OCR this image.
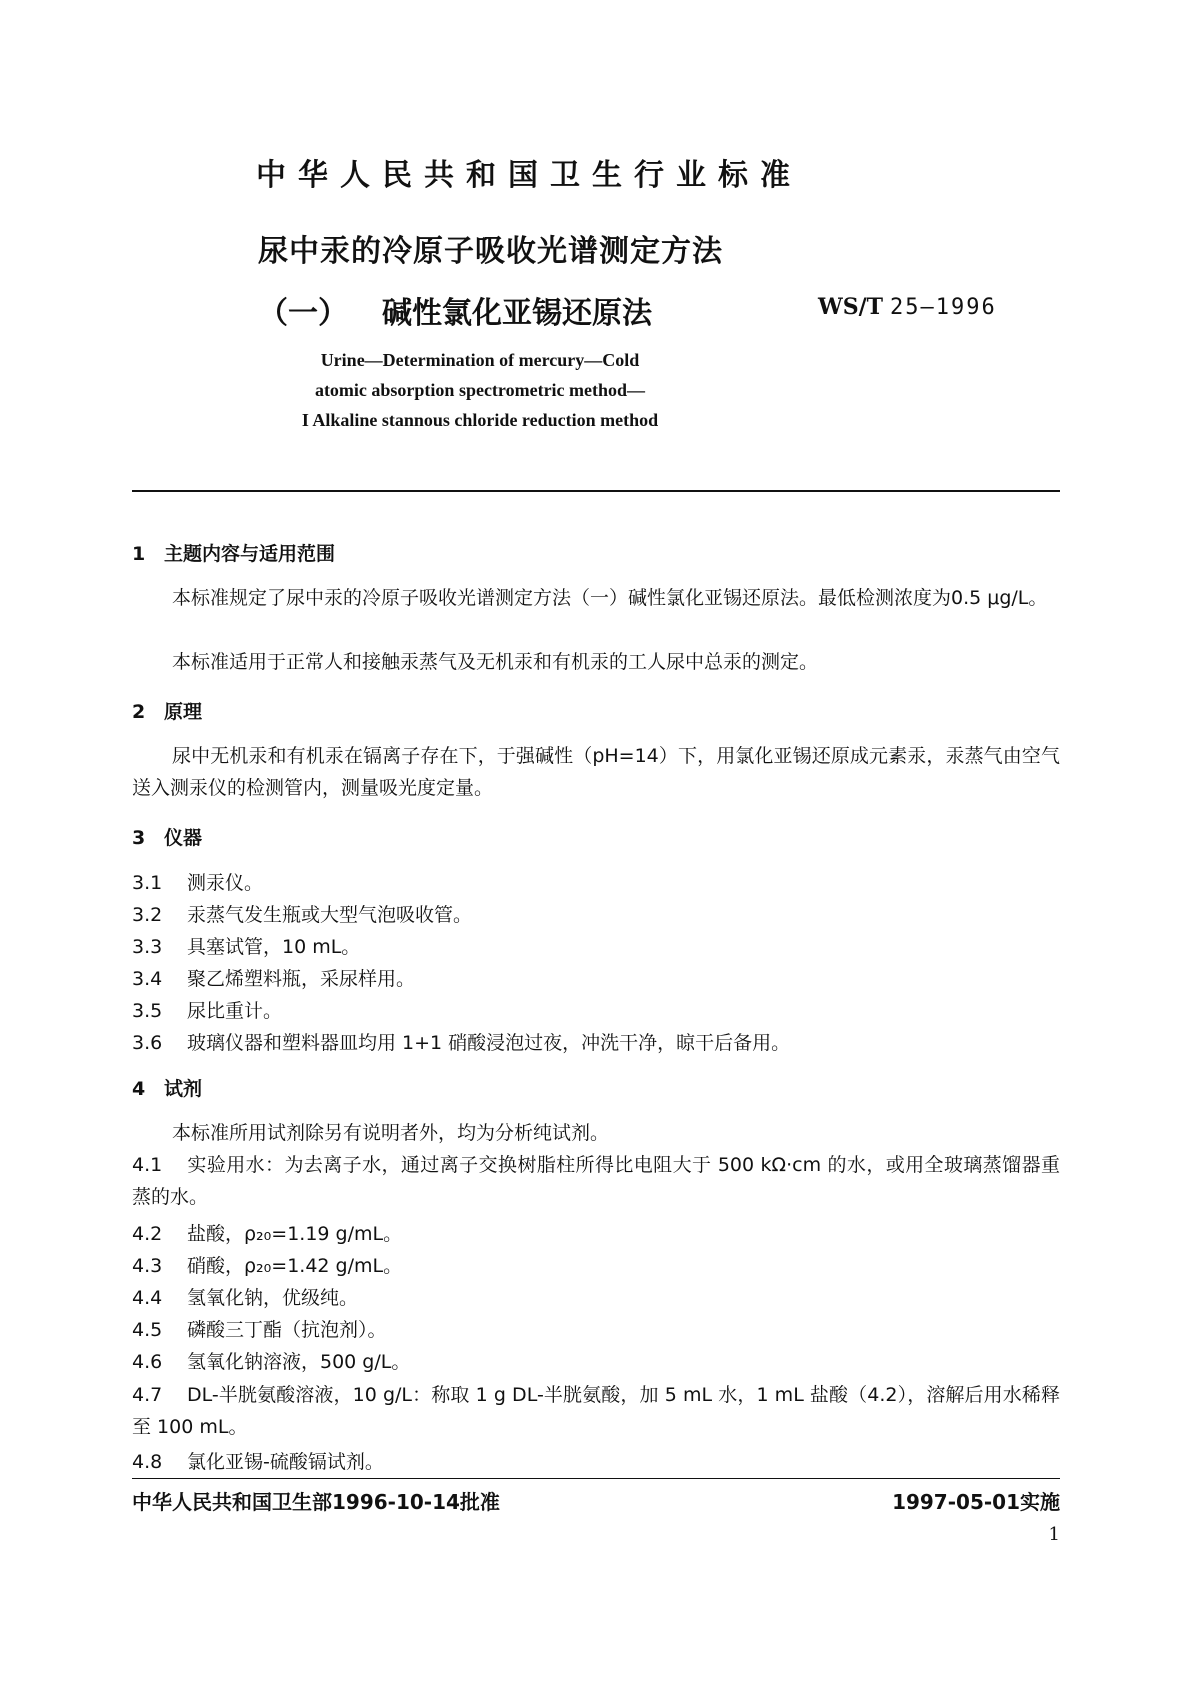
中华人民共和国卫生行业标准
尿中汞的冷原子吸收光谱测定方法
（一） 碱性氯化亚锡还原法	WS/T 25—1996
Urine—Determination of mercury—Cold
atomic absorption spectrometric method—
I Alkaline stannous chloride reduction method
1 主题内容与适用范围
本标准规定了尿中汞的冷原子吸收光谱测定方法（一）碱性氯化亚锡还原法。最低检测浓度为0.5 μg/L。
本标准适用于正常人和接触汞蒸气及无机汞和有机汞的工人尿中总汞的测定。
2 原理
尿中无机汞和有机汞在镉离子存在下，于强碱性（pH=14）下，用氯化亚锡还原成元素汞，汞蒸气由空气送入测汞仪的检测管内，测量吸光度定量。
3 仪器
3.1 测汞仪。
3.2 汞蒸气发生瓶或大型气泡吸收管。
3.3 具塞试管，10 mL。
3.4 聚乙烯塑料瓶，采尿样用。
3.5 尿比重计。
3.6 玻璃仪器和塑料器皿均用 1+1 硝酸浸泡过夜，冲洗干净，晾干后备用。
4 试剂
本标准所用试剂除另有说明者外，均为分析纯试剂。
4.1 实验用水：为去离子水，通过离子交换树脂柱所得比电阻大于 500 kΩ·cm 的水，或用全玻璃蒸馏器重蒸的水。
4.2 盐酸，ρ₂₀=1.19 g/mL。
4.3 硝酸，ρ₂₀=1.42 g/mL。
4.4 氢氧化钠，优级纯。
4.5 磷酸三丁酯（抗泡剂）。
4.6 氢氧化钠溶液，500 g/L。
4.7 DL-半胱氨酸溶液，10 g/L：称取 1 g DL-半胱氨酸，加 5 mL 水，1 mL 盐酸（4.2），溶解后用水稀释至 100 mL。
4.8 氯化亚锡-硫酸镉试剂。
中华人民共和国卫生部1996-10-14批准	1997-05-01实施
1
